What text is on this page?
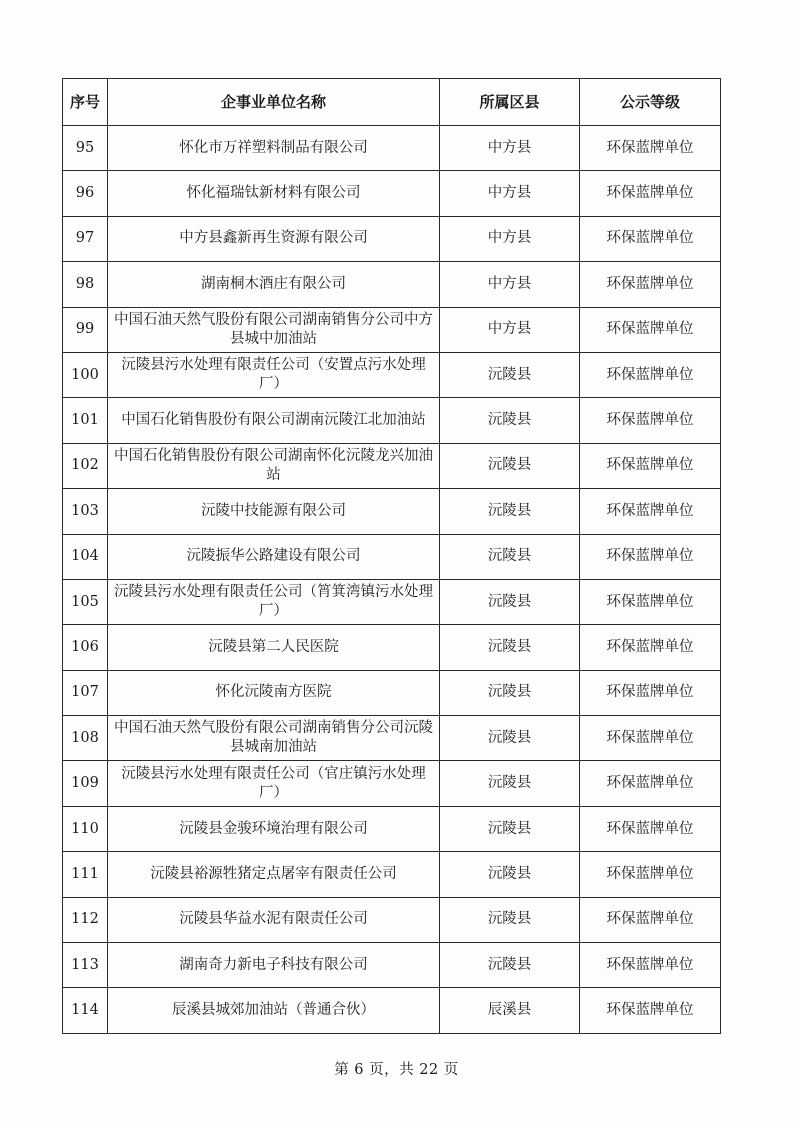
序号	企事业单位名称	所属区县	公示等级
95	怀化市万祥塑料制品有限公司	中方县	环保蓝牌单位
96	怀化福瑞钛新材料有限公司	中方县	环保蓝牌单位
97	中方县鑫新再生资源有限公司	中方县	环保蓝牌单位
98	湖南桐木酒庄有限公司	中方县	环保蓝牌单位
99	中国石油天然气股份有限公司湖南销售分公司中方县城中加油站	中方县	环保蓝牌单位
100	沅陵县污水处理有限责任公司（安置点污水处理厂）	沅陵县	环保蓝牌单位
101	中国石化销售股份有限公司湖南沅陵江北加油站	沅陵县	环保蓝牌单位
102	中国石化销售股份有限公司湖南怀化沅陵龙兴加油站	沅陵县	环保蓝牌单位
103	沅陵中技能源有限公司	沅陵县	环保蓝牌单位
104	沅陵振华公路建设有限公司	沅陵县	环保蓝牌单位
105	沅陵县污水处理有限责任公司（筲箕湾镇污水处理厂）	沅陵县	环保蓝牌单位
106	沅陵县第二人民医院	沅陵县	环保蓝牌单位
107	怀化沅陵南方医院	沅陵县	环保蓝牌单位
108	中国石油天然气股份有限公司湖南销售分公司沅陵县城南加油站	沅陵县	环保蓝牌单位
109	沅陵县污水处理有限责任公司（官庄镇污水处理厂）	沅陵县	环保蓝牌单位
110	沅陵县金骏环境治理有限公司	沅陵县	环保蓝牌单位
111	沅陵县裕源牲猪定点屠宰有限责任公司	沅陵县	环保蓝牌单位
112	沅陵县华益水泥有限责任公司	沅陵县	环保蓝牌单位
113	湖南奇力新电子科技有限公司	沅陵县	环保蓝牌单位
114	辰溪县城郊加油站（普通合伙）	辰溪县	环保蓝牌单位
第 6 页，共 22 页
